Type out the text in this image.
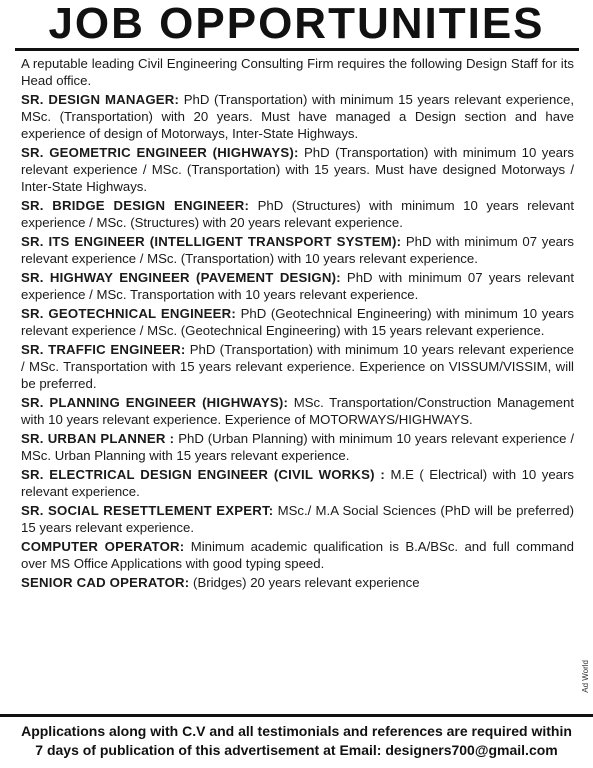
JOB OPPORTUNITIES

A reputable leading Civil Engineering Consulting Firm requires the following Design Staff for its Head office.

SR. DESIGN MANAGER: PhD (Transportation) with minimum 15 years relevant experience, MSc. (Transportation) with 20 years. Must have managed a Design section and have experience of design of Motorways, Inter-State Highways.

SR. GEOMETRIC ENGINEER (HIGHWAYS): PhD (Transportation) with minimum 10 years relevant experience / MSc. (Transportation) with 15 years. Must have designed Motorways / Inter-State Highways.

SR. BRIDGE DESIGN ENGINEER: PhD (Structures) with minimum 10 years relevant experience / MSc. (Structures) with 20 years relevant experience.

SR. ITS ENGINEER (INTELLIGENT TRANSPORT SYSTEM): PhD with minimum 07 years relevant experience / MSc. (Transportation) with 10 years relevant experience.

SR. HIGHWAY ENGINEER (PAVEMENT DESIGN): PhD with minimum 07 years relevant experience / MSc. Transportation with 10 years relevant experience.

SR. GEOTECHNICAL ENGINEER: PhD (Geotechnical Engineering) with minimum 10 years relevant experience / MSc. (Geotechnical Engineering) with 15 years relevant experience.

SR. TRAFFIC ENGINEER: PhD (Transportation) with minimum 10 years relevant experience / MSc. Transportation with 15 years relevant experience. Experience on VISSUM/VISSIM, will be preferred.

SR. PLANNING ENGINEER (HIGHWAYS): MSc. Transportation/Construction Management with 10 years relevant experience. Experience of MOTORWAYS/HIGHWAYS.

SR. URBAN PLANNER : PhD (Urban Planning) with minimum 10 years relevant experience / MSc. Urban Planning with 15 years relevant experience.

SR. ELECTRICAL DESIGN ENGINEER (CIVIL WORKS) : M.E ( Electrical) with 10 years relevant experience.

SR. SOCIAL RESETTLEMENT EXPERT: MSc./ M.A Social Sciences (PhD will be preferred) 15 years relevant experience.

COMPUTER OPERATOR: Minimum academic qualification is B.A/BSc. and full command over MS Office Applications with good typing speed.

SENIOR CAD OPERATOR: (Bridges) 20 years relevant experience

Ad World
Applications along with C.V and all testimonials and references are required within
7 days of publication of this advertisement at Email: designers700@gmail.com
